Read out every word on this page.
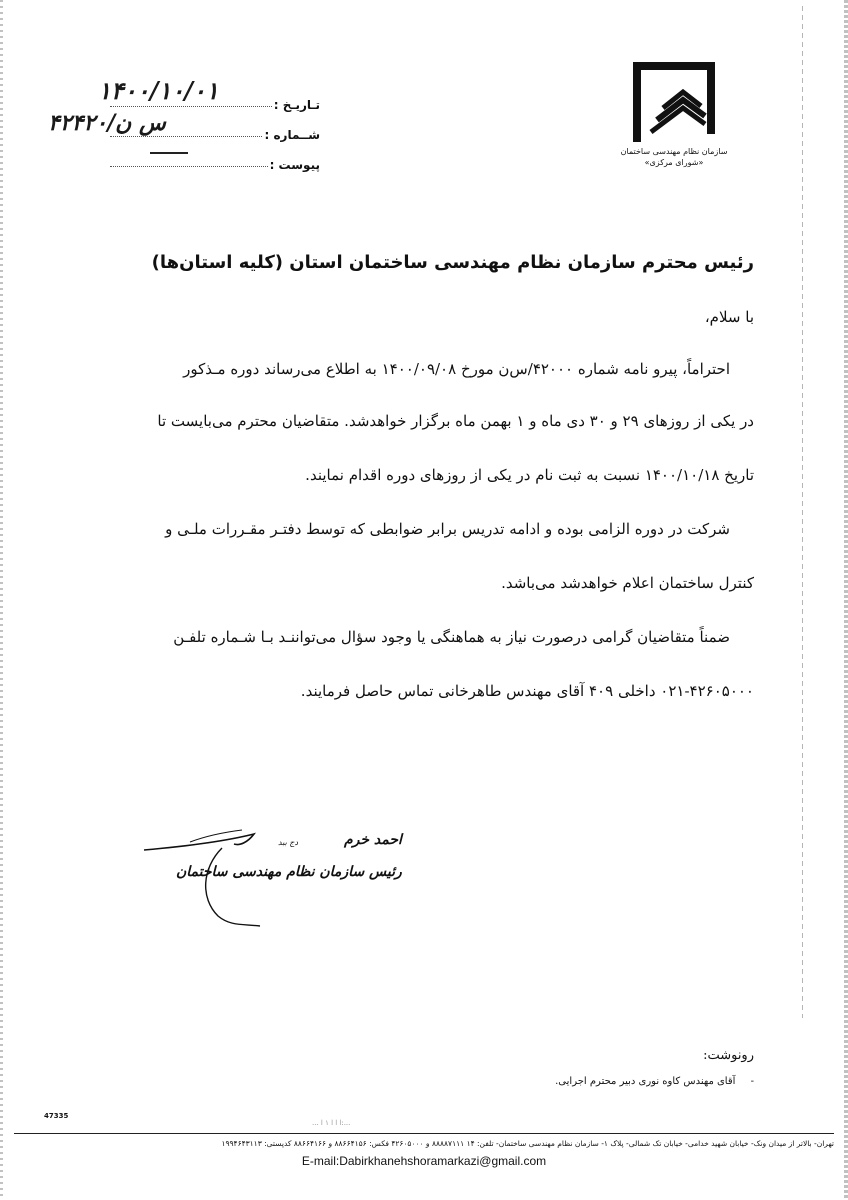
سازمان نظام مهندسی ساختمان
«شورای مرکزی»
تـاریـخ :
۱۴۰۰/۱۰/۰۱
شــماره :
۴۲۴۲۰/س ن
پیوست :
رئیس محترم سازمان نظام مهندسی ساختمان استان (کلیه استان‌ها)
با سلام،
احتراماً، پیرو نامه شماره ۴۲۰۰۰/س‌ن مورخ ۱۴۰۰/۰۹/۰۸ به اطلاع می‌رساند دوره مـذکور
در یکی از روزهای ۲۹ و ۳۰ دی ماه و ۱ بهمن ماه برگزار خواهدشد. متقاضیان محترم می‌بایست تا
تاریخ ۱۴۰۰/۱۰/۱۸ نسبت به ثبت نام در یکی از روزهای دوره اقدام نمایند.
شرکت در دوره الزامی بوده و ادامه تدریس برابر ضوابطی که توسط دفتـر مقـررات ملـی و
کنترل ساختمان اعلام خواهدشد می‌باشد.
ضمناً متقاضیان گرامی درصورت نیاز به هماهنگی یا وجود سؤال می‌تواننـد بـا شـماره تلفـن
۰۲۱-۴۲۶۰۵۰۰۰ داخلی ۴۰۹ آقای مهندس طاهرخانی تماس حاصل فرمایند.
دج ببد	احمد خرم
رئیس سازمان نظام مهندسی ساختمان
رونوشت:
- آقای مهندس کاوه نوری دبیر محترم اجرایی.
47335
...:ا ا ا ١ ا ...
تهران- بالاتر از میدان ونک- خیابان شهید خدامی- خیابان تک شمالی- پلاک ۱- سازمان نظام مهندسی ساختمان- تلفن: ۱۴ ۸۸۸۸۷۱۱۱ و ۴۲۶۰۵۰۰۰ فکس: ۸۸۶۶۴۱۵۶ و ۸۸۶۶۴۱۶۶ کدپستی: ۱۹۹۴۶۴۳۱۱۳
E-mail:Dabirkhanehshoramarkazi@gmail.com
